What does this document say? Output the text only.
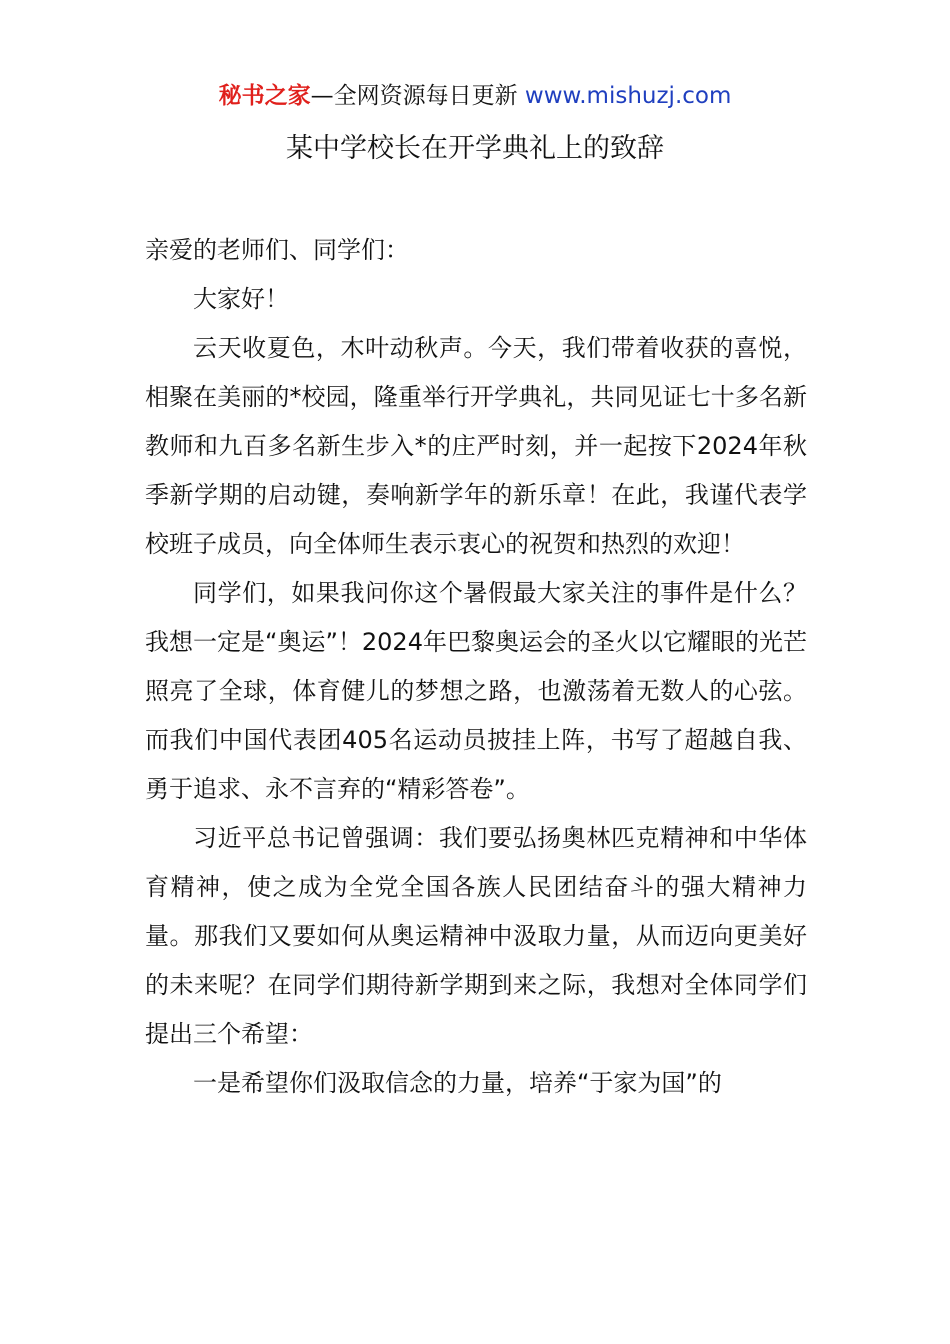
秘书之家—全网资源每日更新 www.mishuzj.com
某中学校长在开学典礼上的致辞

亲爱的老师们、同学们：

大家好！

云天收夏色，木叶动秋声。今天，我们带着收获的喜悦，相聚在美丽的*校园，隆重举行开学典礼，共同见证七十多名新教师和九百多名新生步入*的庄严时刻，并一起按下2024年秋季新学期的启动键，奏响新学年的新乐章！在此，我谨代表学校班子成员，向全体师生表示衷心的祝贺和热烈的欢迎！

同学们，如果我问你这个暑假最大家关注的事件是什么？我想一定是“奥运”！2024年巴黎奥运会的圣火以它耀眼的光芒照亮了全球，体育健儿的梦想之路，也激荡着无数人的心弦。而我们中国代表团405名运动员披挂上阵，书写了超越自我、勇于追求、永不言弃的“精彩答卷”。

习近平总书记曾强调：我们要弘扬奥林匹克精神和中华体育精神，使之成为全党全国各族人民团结奋斗的强大精神力量。那我们又要如何从奥运精神中汲取力量，从而迈向更美好的未来呢？在同学们期待新学期到来之际，我想对全体同学们提出三个希望：

一是希望你们汲取信念的力量，培养“于家为国”的
